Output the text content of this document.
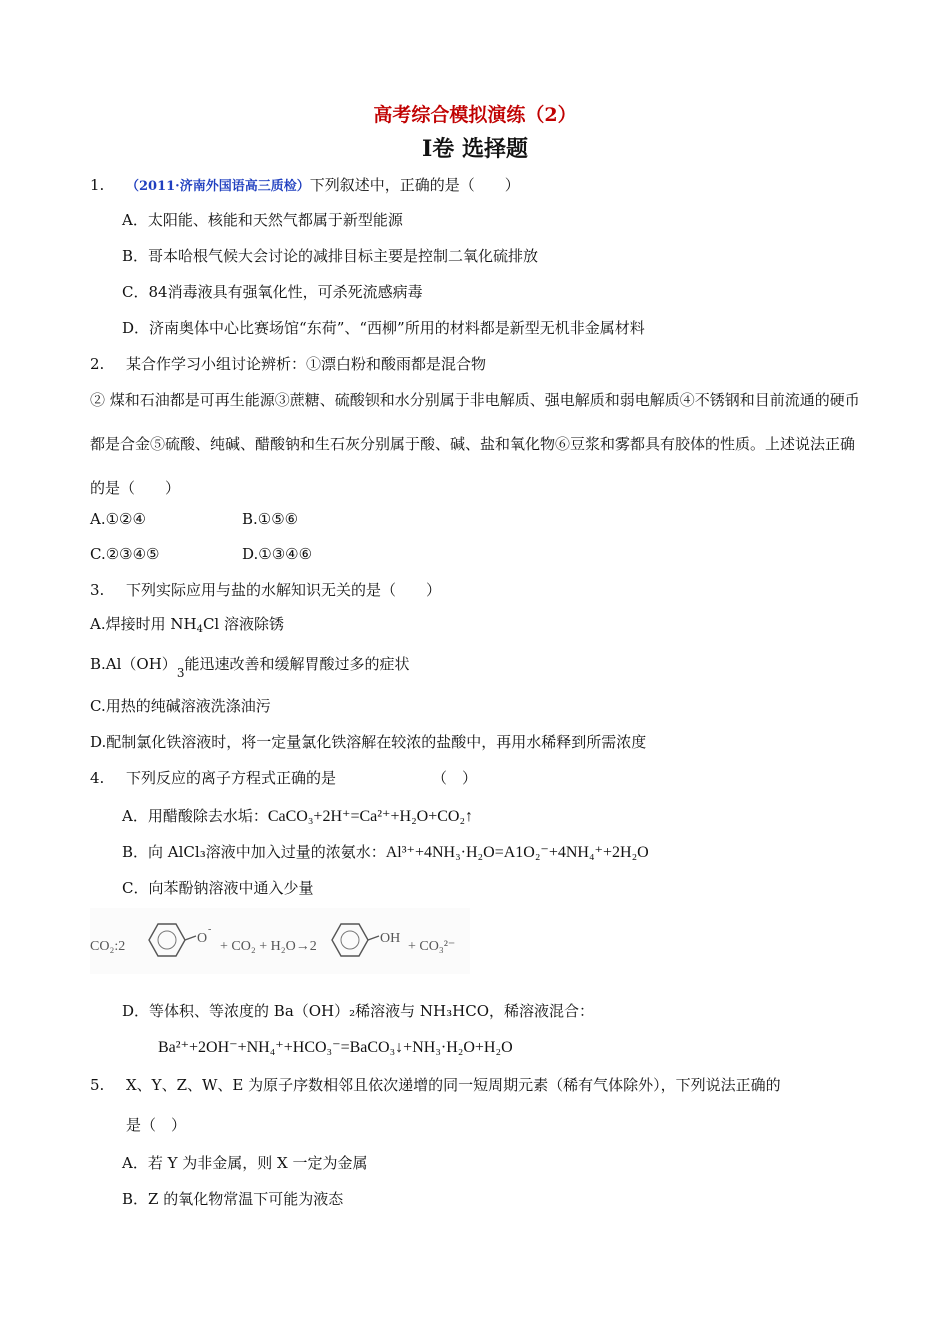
高考综合模拟演练（2）
Ⅰ卷 选择题
1. （2011·济南外国语高三质检）下列叙述中，正确的是（　　）
A．太阳能、核能和天然气都属于新型能源
B．哥本哈根气候大会讨论的减排目标主要是控制二氧化硫排放
C．84消毒液具有强氧化性，可杀死流感病毒
D．济南奥体中心比赛场馆“东荷”、“西柳”所用的材料都是新型无机非金属材料
2. 某合作学习小组讨论辨析：①漂白粉和酸雨都是混合物
② 煤和石油都是可再生能源③蔗糖、硫酸钡和水分别属于非电解质、强电解质和弱电解质④不锈钢和目前流通的硬币都是合金⑤硫酸、纯碱、醋酸钠和生石灰分别属于酸、碱、盐和氧化物⑥豆浆和雾都具有胶体的性质。上述说法正确的是（　　）
A.①②④	B.①⑤⑥
C.②③④⑤	D.①③④⑥
3. 下列实际应用与盐的水解知识无关的是（　　）
A.焊接时用 $NH_4Cl$ 溶液除锈
$B.Al(OH)_3$能迅速改善和缓解胃酸过多的症状
C.用热的纯碱溶液洗涤油污
D.配制氯化铁溶液时，将一定量氯化铁溶解在较浓的盐酸中，再用水稀释到所需浓度
4. 下列反应的离子方程式正确的是	（　）
A．用醋酸除去水垢：CaCO₃+2H⁺=Ca²⁺+H₂O+CO₂↑
B．向 AlCl₃溶液中加入过量的浓氨水：Al³⁺+4NH₃·H₂O=A1O₂⁻+4NH₄⁺+2H₂O
C．向苯酚钠溶液中通入少量
CO₂:2
O
-
+ CO₂ + H₂O→2
OH
+ CO₃²⁻
D．等体积、等浓度的 Ba（OH）₂稀溶液与 NH₃HCO，稀溶液混合：
Ba²⁺+2OH⁻+NH₄⁺+HCO₃⁻=BaCO₃↓+NH₃·H₂O+H₂O
5. X、Y、Z、W、E 为原子序数相邻且依次递增的同一短周期元素（稀有气体除外），下列说法正确的
是（　）
A．若 Y 为非金属，则 X 一定为金属
B．Z 的氧化物常温下可能为液态
